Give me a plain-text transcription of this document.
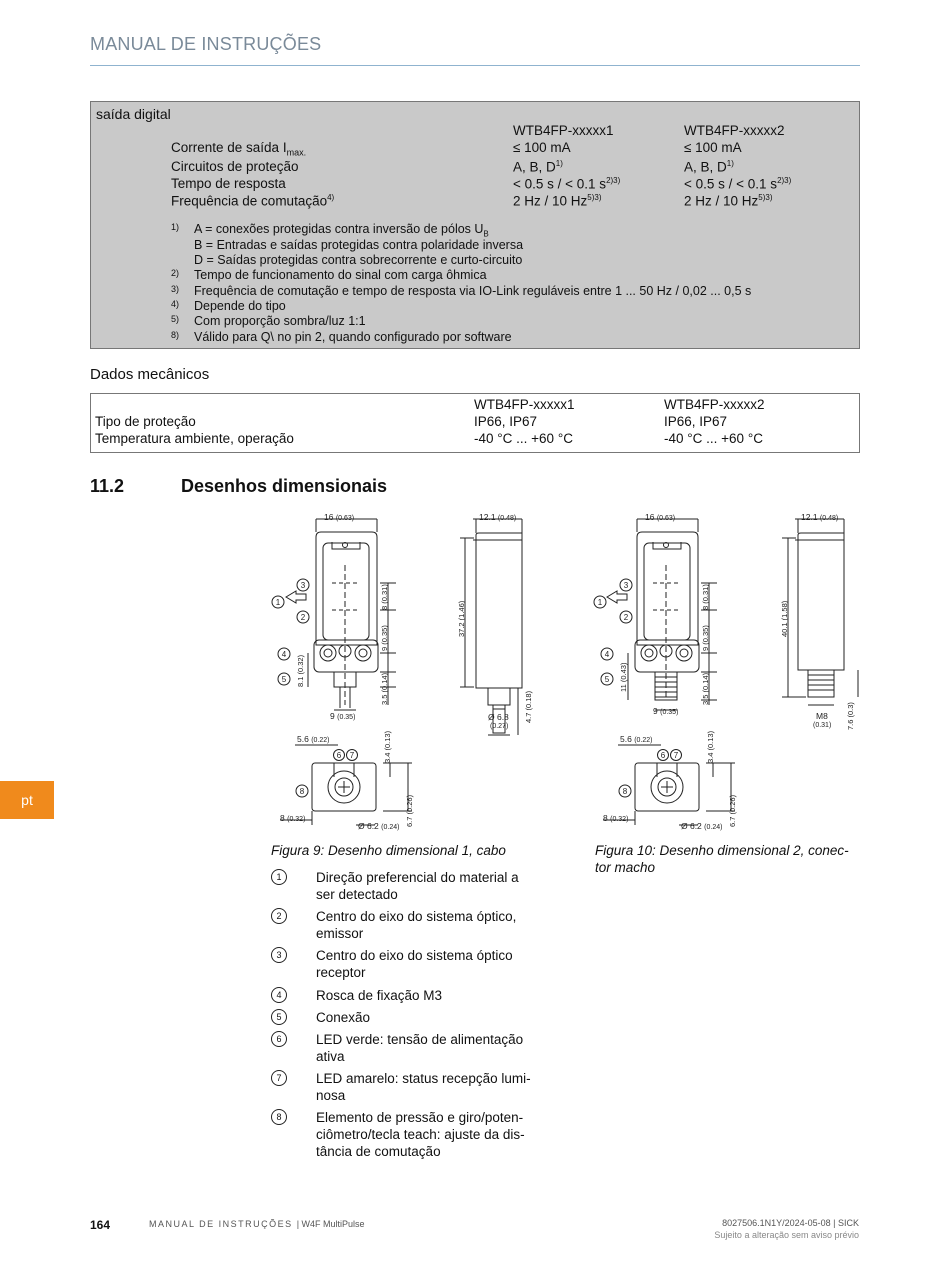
MANUAL DE INSTRUÇÕES
saída digital
WTB4FP-xxxxx1	WTB4FP-xxxxx2
Corrente de saída $I_{max.}$	≤ 100 mA	≤ 100 mA
Circuitos de proteção	A, B, $D^{1)}$	A, B, $D^{1)}$
Tempo de resposta	< 0.5 s / < 0.1 $s^{2)3)}$	< 0.5 s / < 0.1 $s^{2)3)}$
Frequência de comutação$^{4)}$	2 Hz / 10 $Hz^{5)3)}$	2 Hz / 10 $Hz^{5)3)}$
1) A = conexões protegidas contra inversão de pólos $U_B$
B = Entradas e saídas protegidas contra polaridade inversa
D = Saídas protegidas contra sobrecorrente e curto-circuito
2) Tempo de funcionamento do sinal com carga ôhmica
3) Frequência de comutação e tempo de resposta via IO-Link reguláveis entre 1 ... 50 Hz / 0,02 ... 0,5 s
4) Depende do tipo
5) Com proporção sombra/luz 1:1
8) Válido para Q\ no pin 2, quando configurado por software
Dados mecânicos
WTB4FP-xxxxx1	WTB4FP-xxxxx2
Tipo de proteção	IP66, IP67	IP66, IP67
Temperatura ambiente, operação	-40 °C ... +60 °C	-40 °C ... +60 °C
11.2	Desenhos dimensionais
3
2
1
4
5
6 7
8
3
2
1
4
5
6 7
8
16 (0.63)	12.1 (0.48)	16 (0.63)	12.1 (0.48)
8 (0.31)
9 (0.35)
3.5 (0.14)
8.1 (0.32)
37.2 (1.46)
9 (0.35)	Ø 6.8
(0.27)
4.7 (0.18)
8 (0.31)
9 (0.35)
3.5 (0.14)
11 (0.43)
40.1 (1.58)
9 (0.35)	M8
(0.31) 7.6 (0.3)
5.6 (0.22)	3.4 (0.13)
6.7 (0.26)
8 (0.32)
Ø 6.2 (0.24)
5.6 (0.22)	3.4 (0.13)
6.7 (0.26)
8 (0.32)
Ø 6.2 (0.24)
Figura 9: Desenho dimensional 1, cabo	Figura 10: Desenho dimensional 2, conec-
tor macho
1	Direção preferencial do material a
ser detectado
2	Centro do eixo do sistema óptico,
emissor
3	Centro do eixo do sistema óptico
receptor
4	Rosca de fixação M3
5	Conexão
6	LED verde: tensão de alimentação
ativa
7	LED amarelo: status recepção lumi-
nosa
8	Elemento de pressão e giro/poten-
ciômetro/tecla teach: ajuste da dis-
tância de comutação
pt
164	MANUAL DE INSTRUÇÕES | W4F MultiPulse	8027506.1N1Y/2024-05-08 | SICK
Sujeito a alteração sem aviso prévio
